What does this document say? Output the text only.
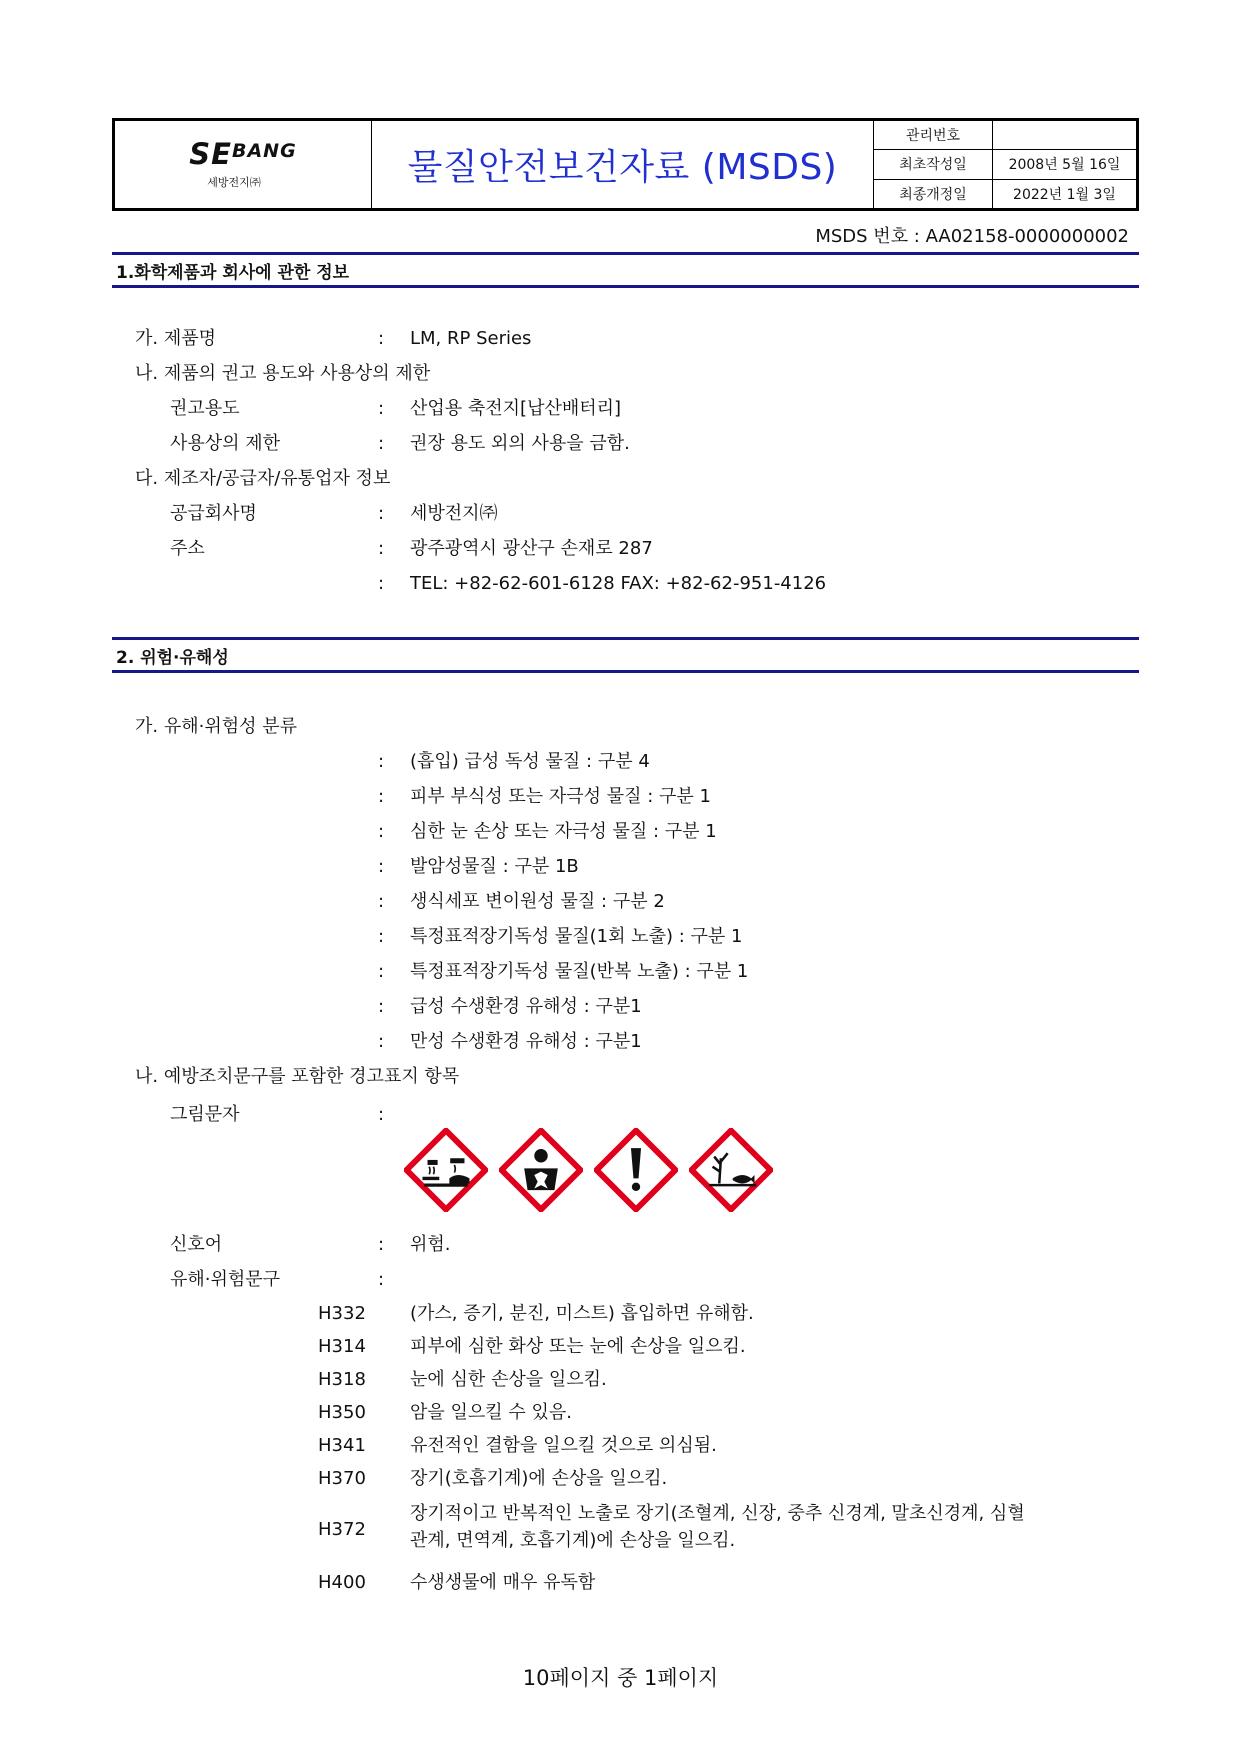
$SE^{BANG}$
세방전지㈜	물질안전보건자료 (MSDS)
관리번호
최초작성일	2008년 5월 16일
최종개정일	2022년 1월 3일
MSDS 번호 : AA02158-0000000002
1.화학제품과 회사에 관한 정보
가. 제품명	: LM, RP Series
나. 제품의 권고 용도와 사용상의 제한
권고용도	: 산업용 축전지[납산배터리]
사용상의 제한	: 권장 용도 외의 사용을 금함.
다. 제조자/공급자/유통업자 정보
공급회사명	: 세방전지㈜
주소	: 광주광역시 광산구 손재로 287
: TEL: +82-62-601-6128 FAX: +82-62-951-4126
2. 위험·유해성
가. 유해·위험성 분류
: (흡입) 급성 독성 물질 : 구분 4
: 피부 부식성 또는 자극성 물질 : 구분 1
: 심한 눈 손상 또는 자극성 물질 : 구분 1
: 발암성물질 : 구분 1B
: 생식세포 변이원성 물질 : 구분 2
: 특정표적장기독성 물질(1회 노출) : 구분 1
: 특정표적장기독성 물질(반복 노출) : 구분 1
: 급성 수생환경 유해성 : 구분1
: 만성 수생환경 유해성 : 구분1
나. 예방조치문구를 포함한 경고표지 항목
그림문자	:
신호어	: 위험.
유해·위험문구	:
H332 (가스, 증기, 분진, 미스트) 흡입하면 유해함.
H314 피부에 심한 화상 또는 눈에 손상을 일으킴.
H318 눈에 심한 손상을 일으킴.
H350 암을 일으킬 수 있음.
H341 유전적인 결함을 일으킬 것으로 의심됨.
H370 장기(호흡기계)에 손상을 일으킴.
H372
장기적이고 반복적인 노출로 장기(조혈계, 신장, 중추 신경계, 말초신경계, 심혈
관계, 면역계, 호흡기계)에 손상을 일으킴.
H400 수생생물에 매우 유독함
10페이지 중 1페이지
